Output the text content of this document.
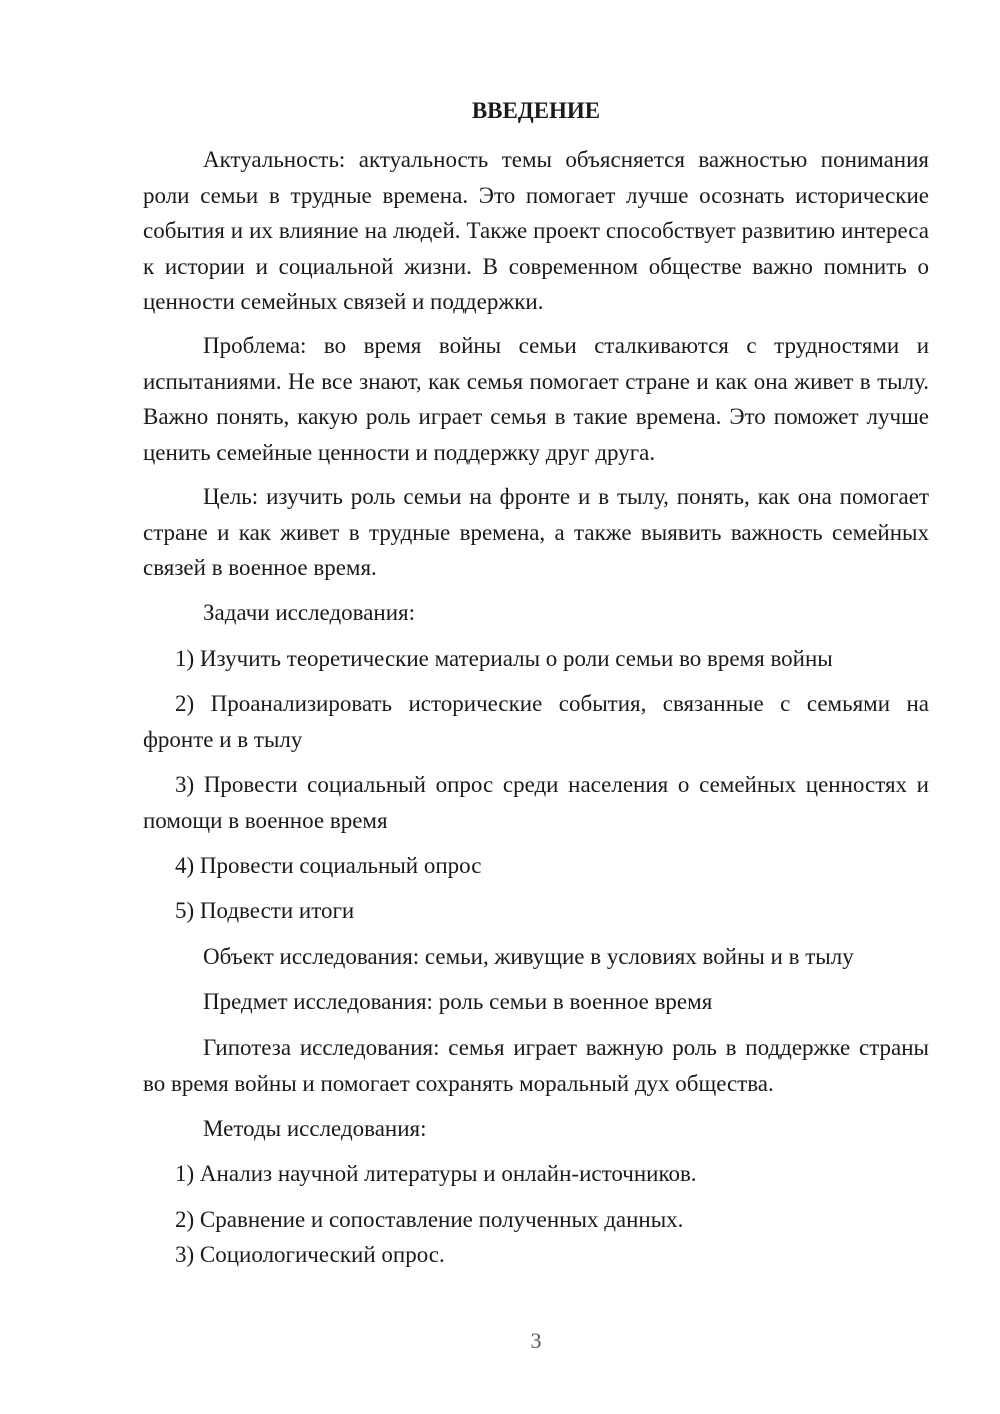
ВВЕДЕНИЕ

Актуальность: актуальность темы объясняется важностью понимания роли семьи в трудные времена. Это помогает лучше осознать исторические события и их влияние на людей. Также проект способствует развитию интереса к истории и социальной жизни. В современном обществе важно помнить о ценности семейных связей и поддержки.

Проблема: во время войны семьи сталкиваются с трудностями и испытаниями. Не все знают, как семья помогает стране и как она живет в тылу. Важно понять, какую роль играет семья в такие времена. Это поможет лучше ценить семейные ценности и поддержку друг друга.

Цель: изучить роль семьи на фронте и в тылу, понять, как она помогает стране и как живет в трудные времена, а также выявить важность семейных связей в военное время.

Задачи исследования:

1) Изучить теоретические материалы о роли семьи во время войны

2) Проанализировать исторические события, связанные с семьями на фронте и в тылу

3) Провести социальный опрос среди населения о семейных ценностях и помощи в военное время

4) Провести социальный опрос

5) Подвести итоги

Объект исследования: семьи, живущие в условиях войны и в тылу

Предмет исследования: роль семьи в военное время

Гипотеза исследования: семья играет важную роль в поддержке страны во время войны и помогает сохранять моральный дух общества.

Методы исследования:

1) Анализ научной литературы и онлайн-источников.

2) Сравнение и сопоставление полученных данных.

3) Социологический опрос.

3
